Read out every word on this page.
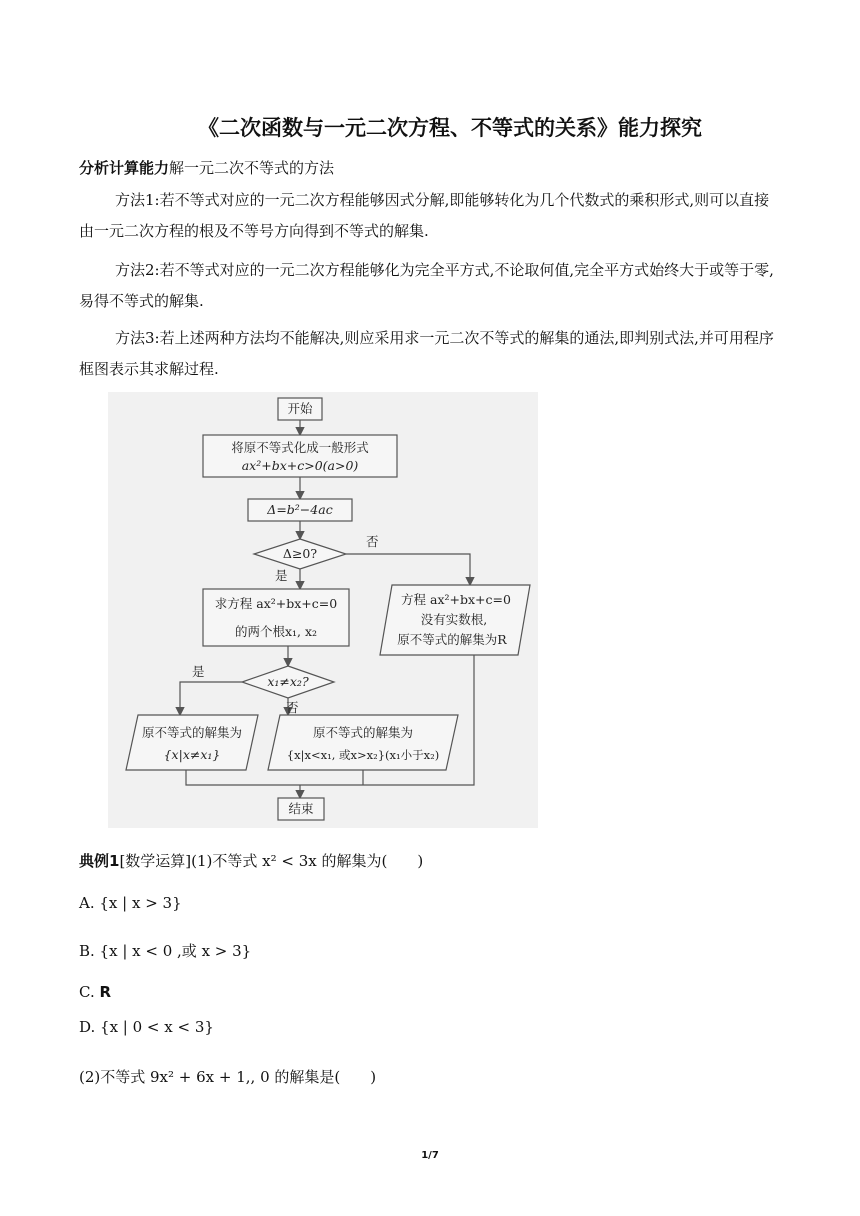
《二次函数与一元二次方程、不等式的关系》能力探究
分析计算能力解一元二次不等式的方法
方法1:若不等式对应的一元二次方程能够因式分解,即能够转化为几个代数式的乘积形式,则可以直接由一元二次方程的根及不等号方向得到不等式的解集.
方法2:若不等式对应的一元二次方程能够化为完全平方式,不论取何值,完全平方式始终大于或等于零,易得不等式的解集.
方法3:若上述两种方法均不能解决,则应采用求一元二次不等式的解集的通法,即判别式法,并可用程序框图表示其求解过程.
开始
将原不等式化成一般形式
ax²+bx+c>0(a>0)
Δ=b²−4ac
Δ≥0?
否
是
求方程 ax²+bx+c=0
的两个根x₁, x₂
方程 ax²+bx+c=0
没有实数根,
原不等式的解集为R
x₁≠x₂?
是
否
原不等式的解集为
{x|x≠x₁}
原不等式的解集为
{x|x<x₁, 或x>x₂}(x₁小于x₂)
结束
典例1[数学运算](1)不等式 x² < 3x 的解集为(　　)
A. {x | x > 3}
B. {x | x < 0 ,或 x > 3}
C. R
D. {x | 0 < x < 3}
(2)不等式 9x² + 6x + 1,, 0 的解集是(　　)
1/7
